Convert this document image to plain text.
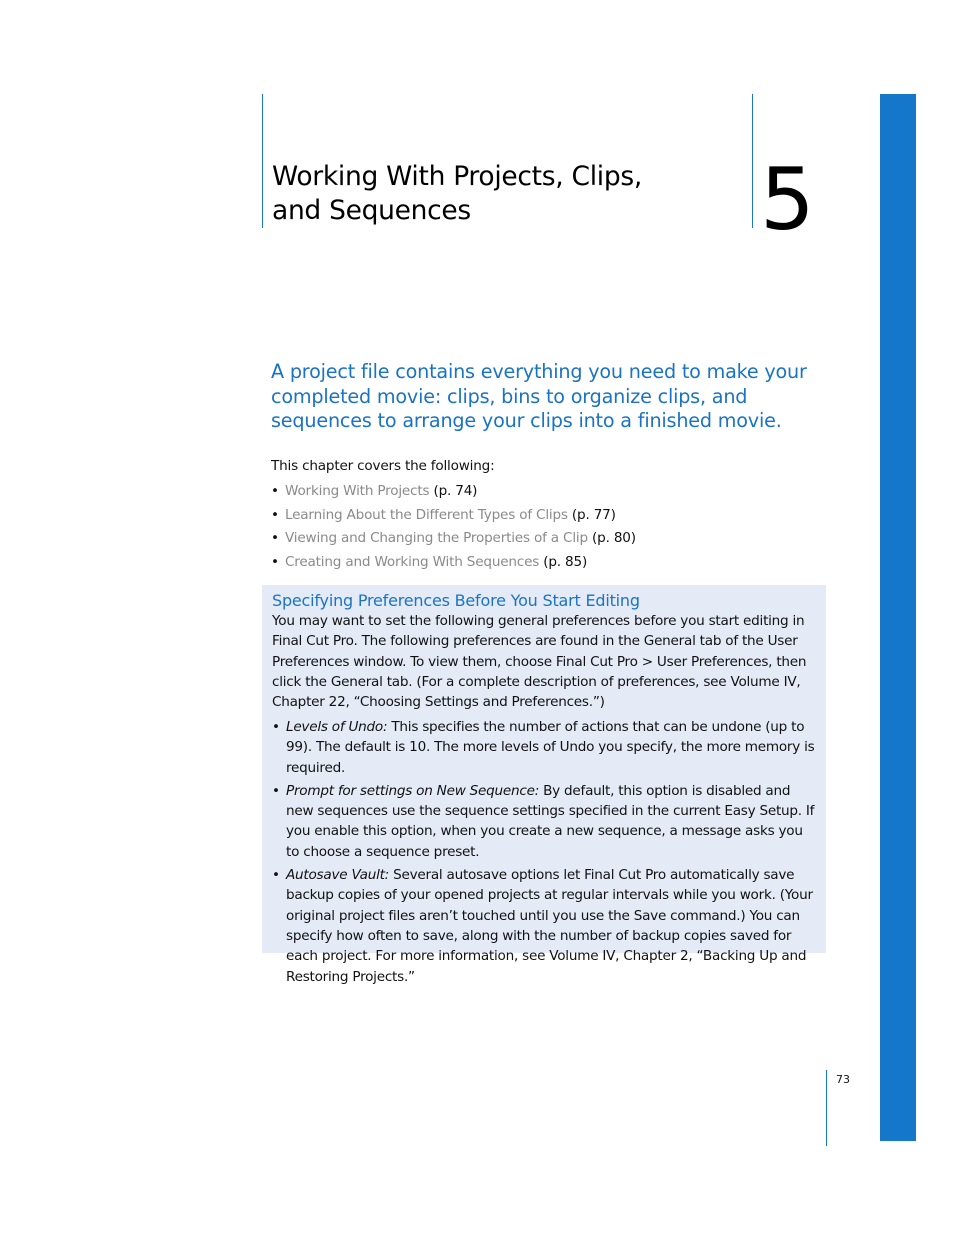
Working With Projects, Clips,
and Sequences	5
A project file contains everything you need to make your completed movie: clips, bins to organize clips, and sequences to arrange your clips into a finished movie.
This chapter covers the following:
• Working With Projects (p. 74)
• Learning About the Different Types of Clips (p. 77)
• Viewing and Changing the Properties of a Clip (p. 80)
• Creating and Working With Sequences (p. 85)
Specifying Preferences Before You Start Editing
You may want to set the following general preferences before you start editing in Final Cut Pro. The following preferences are found in the General tab of the User Preferences window. To view them, choose Final Cut Pro > User Preferences, then click the General tab. (For a complete description of preferences, see Volume IV, Chapter 22, “Choosing Settings and Preferences.”)
• Levels of Undo: This specifies the number of actions that can be undone (up to 99). The default is 10. The more levels of Undo you specify, the more memory is required.
• Prompt for settings on New Sequence: By default, this option is disabled and new sequences use the sequence settings specified in the current Easy Setup. If you enable this option, when you create a new sequence, a message asks you to choose a sequence preset.
• Autosave Vault: Several autosave options let Final Cut Pro automatically save backup copies of your opened projects at regular intervals while you work. (Your original project files aren’t touched until you use the Save command.) You can specify how often to save, along with the number of backup copies saved for each project. For more information, see Volume IV, Chapter 2, “Backing Up and Restoring Projects.”
73
